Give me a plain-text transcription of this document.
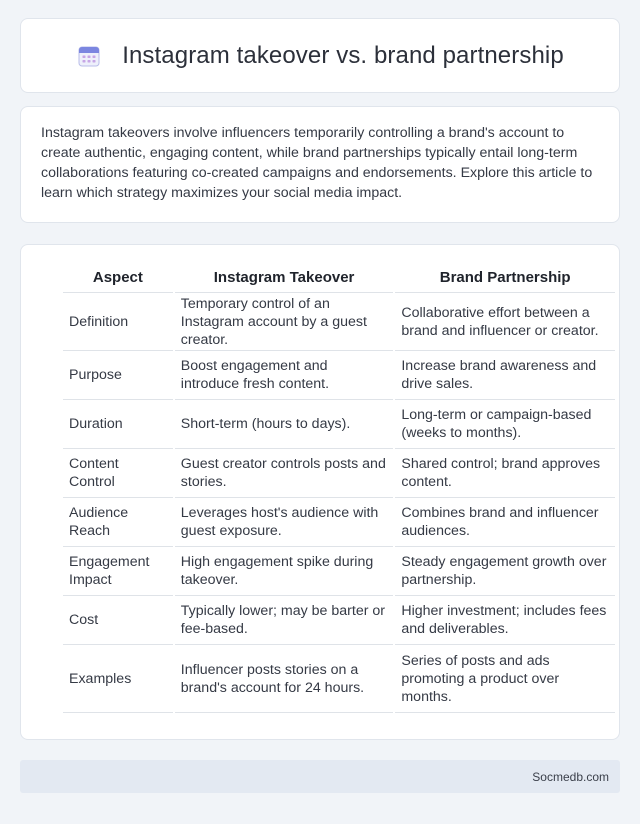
Instagram takeover vs. brand partnership

Instagram takeovers involve influencers temporarily controlling a brand's account to create authentic, engaging content, while brand partnerships typically entail long-term collaborations featuring co-created campaigns and endorsements. Explore this article to learn which strategy maximizes your social media impact.

Aspect	Instagram Takeover	Brand Partnership
Definition	Temporary control of an Instagram account by a guest creator.	Collaborative effort between a brand and influencer or creator.
Purpose	Boost engagement and introduce fresh content.	Increase brand awareness and drive sales.
Duration	Short-term (hours to days).	Long-term or campaign-based (weeks to months).
Content Control	Guest creator controls posts and stories.	Shared control; brand approves content.
Audience Reach	Leverages host's audience with guest exposure.	Combines brand and influencer audiences.
Engagement Impact	High engagement spike during takeover.	Steady engagement growth over partnership.
Cost	Typically lower; may be barter or fee-based.	Higher investment; includes fees and deliverables.
Examples	Influencer posts stories on a brand's account for 24 hours.	Series of posts and ads promoting a product over months.
Socmedb.com
